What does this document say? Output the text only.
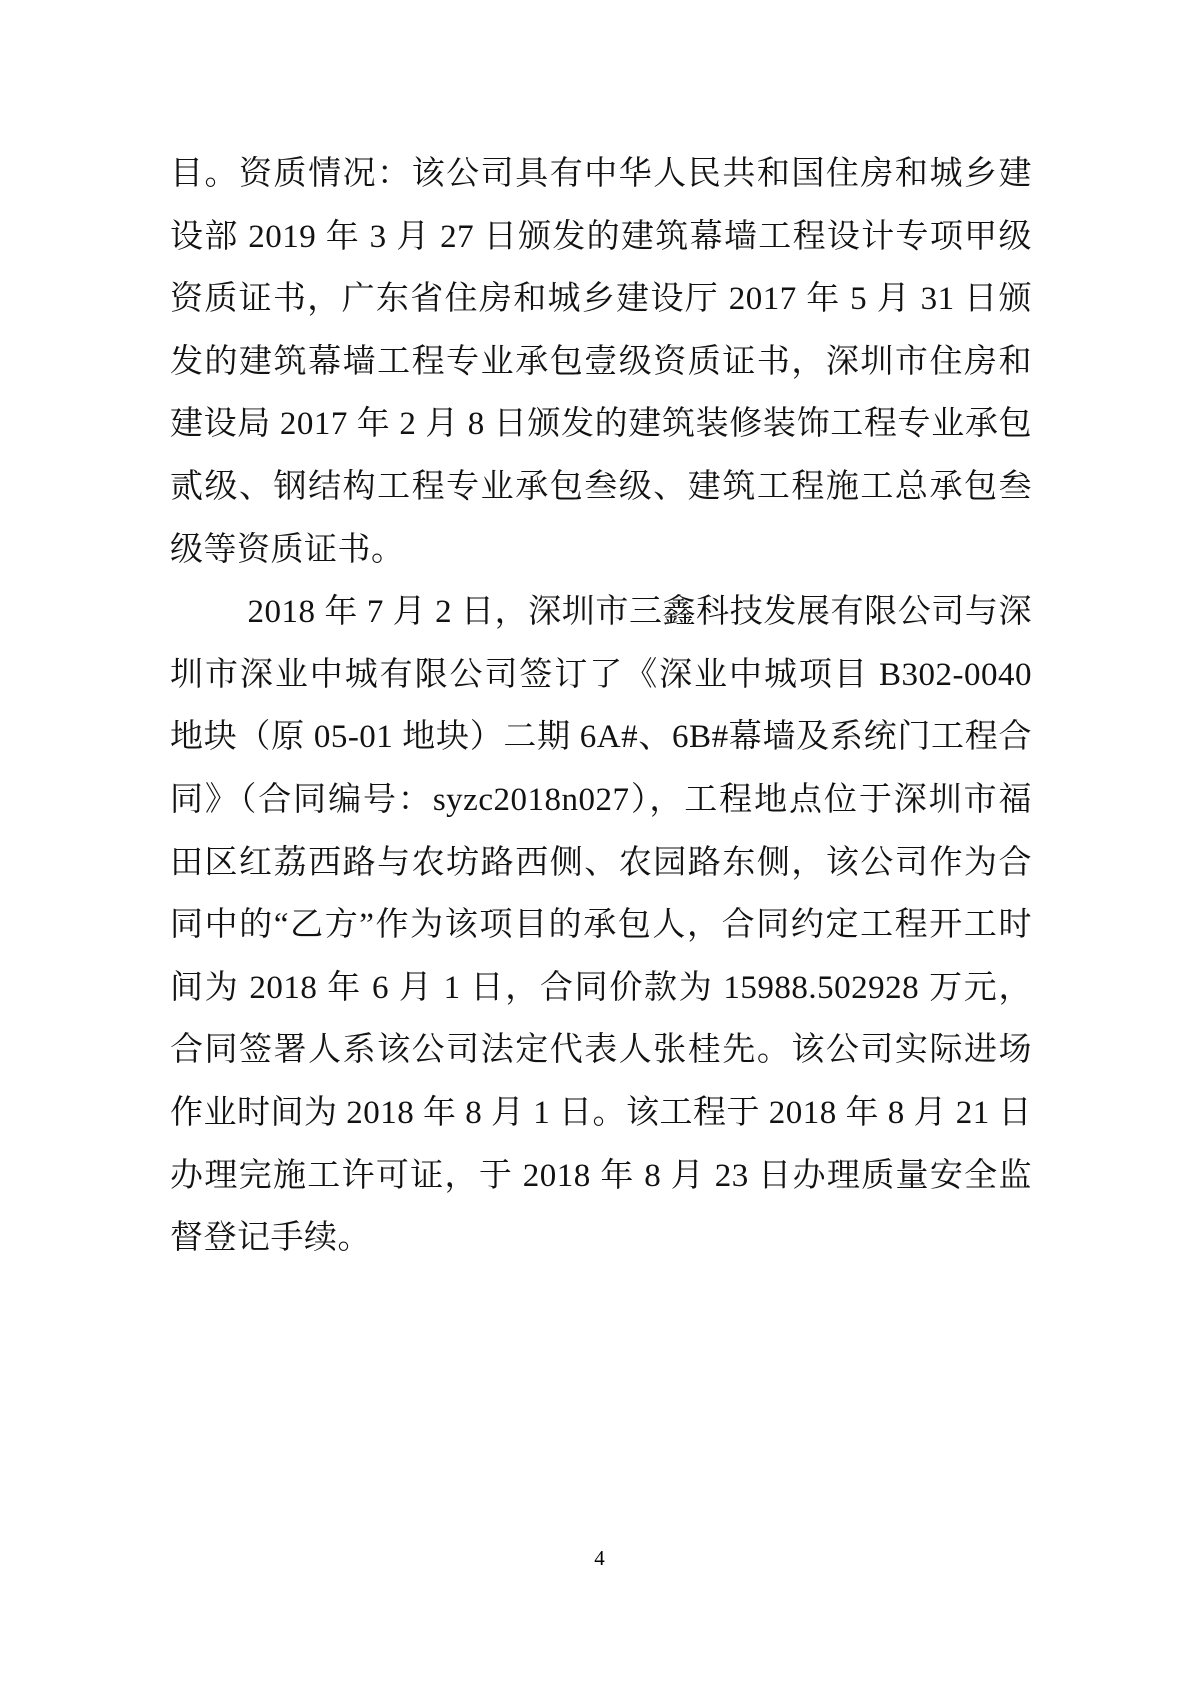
目。资质情况：该公司具有中华人民共和国住房和城乡建设部 2019 年 3 月 27 日颁发的建筑幕墙工程设计专项甲级资质证书，广东省住房和城乡建设厅 2017 年 5 月 31 日颁发的建筑幕墙工程专业承包壹级资质证书，深圳市住房和建设局 2017 年 2 月 8 日颁发的建筑装修装饰工程专业承包贰级、钢结构工程专业承包叁级、建筑工程施工总承包叁级等资质证书。

2018 年 7 月 2 日，深圳市三鑫科技发展有限公司与深圳市深业中城有限公司签订了《深业中城项目 B302-0040 地块（原 05-01 地块）二期 6A#、6B#幕墙及系统门工程合同》（合同编号：syzc2018n027），工程地点位于深圳市福田区红荔西路与农坊路西侧、农园路东侧，该公司作为合同中的“乙方”作为该项目的承包人，合同约定工程开工时间为 2018 年 6 月 1 日，合同价款为 15988.502928 万元，合同签署人系该公司法定代表人张桂先。该公司实际进场作业时间为 2018 年 8 月 1 日。该工程于 2018 年 8 月 21 日办理完施工许可证，于 2018 年 8 月 23 日办理质量安全监督登记手续。

4
